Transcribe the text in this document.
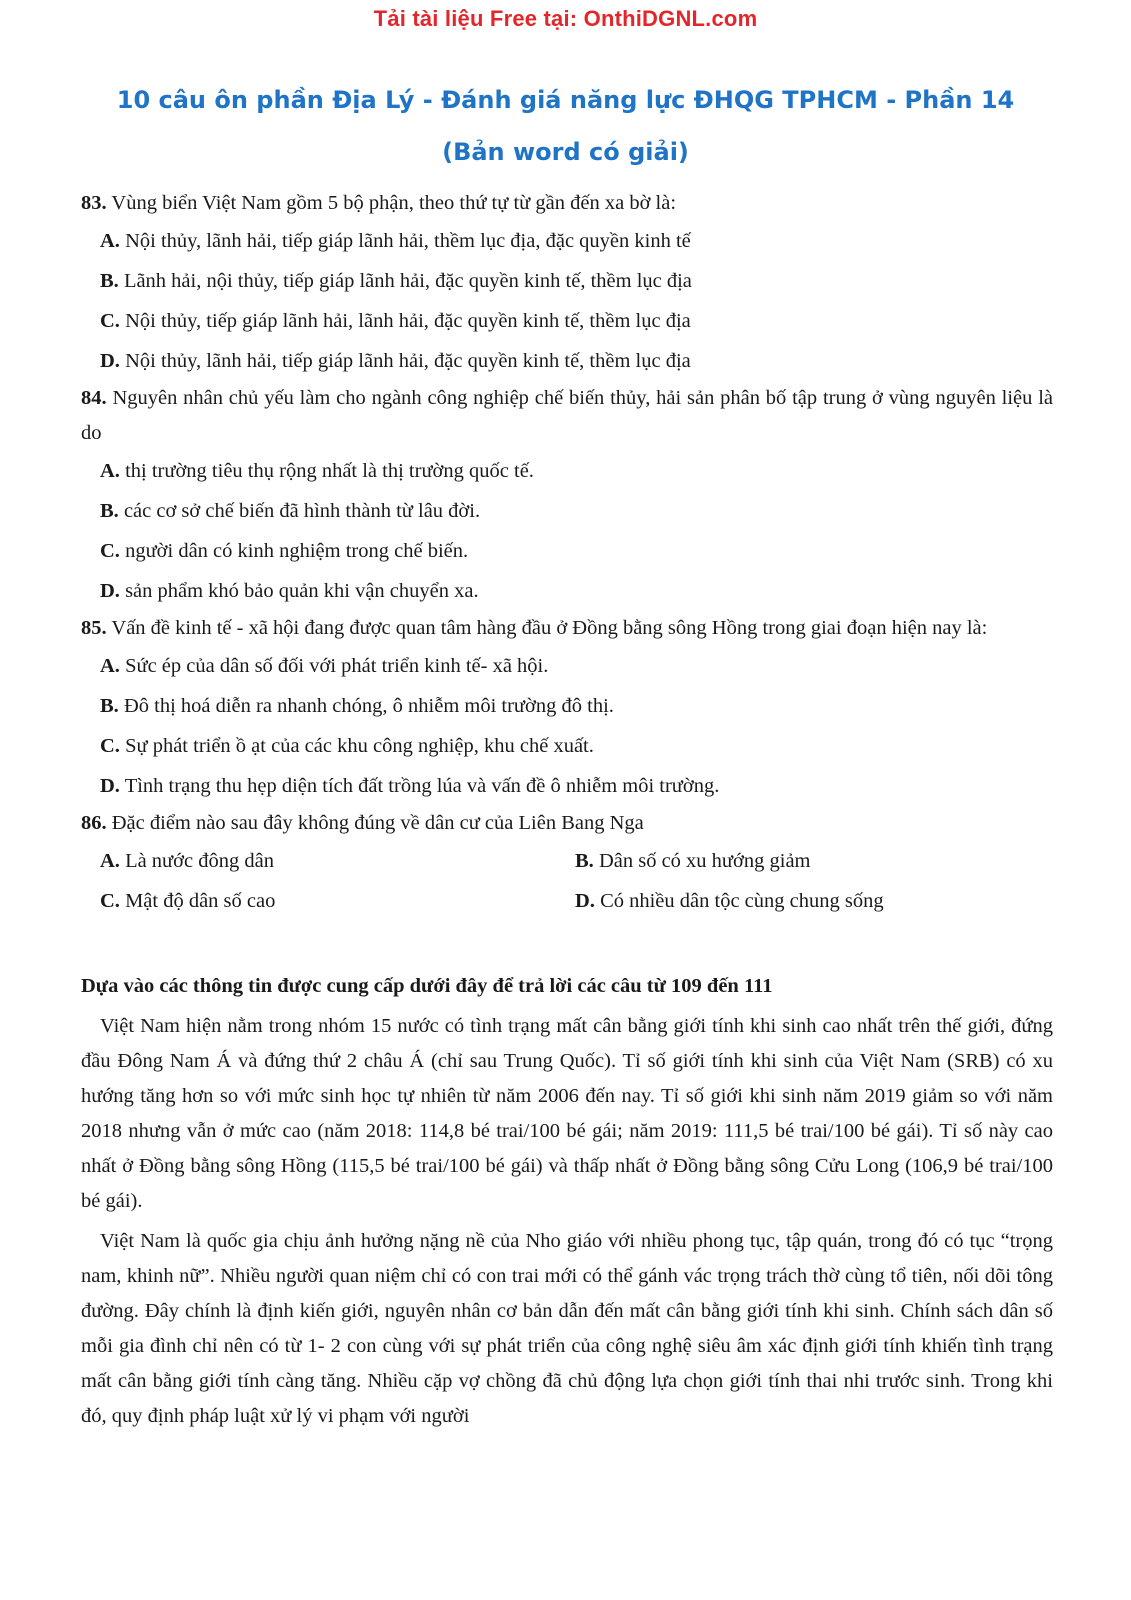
Tải tài liệu Free tại: OnthiDGNL.com
10 câu ôn phần Địa Lý - Đánh giá năng lực ĐHQG TPHCM - Phần 14
(Bản word có giải)
83. Vùng biển Việt Nam gồm 5 bộ phận, theo thứ tự từ gần đến xa bờ là:
A. Nội thủy, lãnh hải, tiếp giáp lãnh hải, thềm lục địa, đặc quyền kinh tế
B. Lãnh hải, nội thủy, tiếp giáp lãnh hải, đặc quyền kinh tế, thềm lục địa
C. Nội thủy, tiếp giáp lãnh hải, lãnh hải, đặc quyền kinh tế, thềm lục địa
D. Nội thủy, lãnh hải, tiếp giáp lãnh hải, đặc quyền kinh tế, thềm lục địa
84. Nguyên nhân chủ yếu làm cho ngành công nghiệp chế biến thủy, hải sản phân bố tập trung ở vùng nguyên liệu là do
A. thị trường tiêu thụ rộng nhất là thị trường quốc tế.
B. các cơ sở chế biến đã hình thành từ lâu đời.
C. người dân có kinh nghiệm trong chế biến.
D. sản phẩm khó bảo quản khi vận chuyển xa.
85. Vấn đề kinh tế - xã hội đang được quan tâm hàng đầu ở Đồng bằng sông Hồng trong giai đoạn hiện nay là:
A. Sức ép của dân số đối với phát triển kinh tế- xã hội.
B. Đô thị hoá diễn ra nhanh chóng, ô nhiễm môi trường đô thị.
C. Sự phát triển ồ ạt của các khu công nghiệp, khu chế xuất.
D. Tình trạng thu hẹp diện tích đất trồng lúa và vấn đề ô nhiễm môi trường.
86. Đặc điểm nào sau đây không đúng về dân cư của Liên Bang Nga
A. Là nước đông dân	B. Dân số có xu hướng giảm
C. Mật độ dân số cao	D. Có nhiều dân tộc cùng chung sống
Dựa vào các thông tin được cung cấp dưới đây để trả lời các câu từ 109 đến 111
Việt Nam hiện nằm trong nhóm 15 nước có tình trạng mất cân bằng giới tính khi sinh cao nhất trên thế giới, đứng đầu Đông Nam Á và đứng thứ 2 châu Á (chỉ sau Trung Quốc). Tỉ số giới tính khi sinh của Việt Nam (SRB) có xu hướng tăng hơn so với mức sinh học tự nhiên từ năm 2006 đến nay. Tỉ số giới khi sinh năm 2019 giảm so với năm 2018 nhưng vẫn ở mức cao (năm 2018: 114,8 bé trai/100 bé gái; năm 2019: 111,5 bé trai/100 bé gái). Tỉ số này cao nhất ở Đồng bằng sông Hồng (115,5 bé trai/100 bé gái) và thấp nhất ở Đồng bằng sông Cửu Long (106,9 bé trai/100 bé gái).
Việt Nam là quốc gia chịu ảnh hưởng nặng nề của Nho giáo với nhiều phong tục, tập quán, trong đó có tục “trọng nam, khinh nữ”. Nhiều người quan niệm chỉ có con trai mới có thể gánh vác trọng trách thờ cùng tổ tiên, nối dõi tông đường. Đây chính là định kiến giới, nguyên nhân cơ bản dẫn đến mất cân bằng giới tính khi sinh. Chính sách dân số mỗi gia đình chỉ nên có từ 1- 2 con cùng với sự phát triển của công nghệ siêu âm xác định giới tính khiến tình trạng mất cân bằng giới tính càng tăng. Nhiều cặp vợ chồng đã chủ động lựa chọn giới tính thai nhi trước sinh. Trong khi đó, quy định pháp luật xử lý vi phạm với người
